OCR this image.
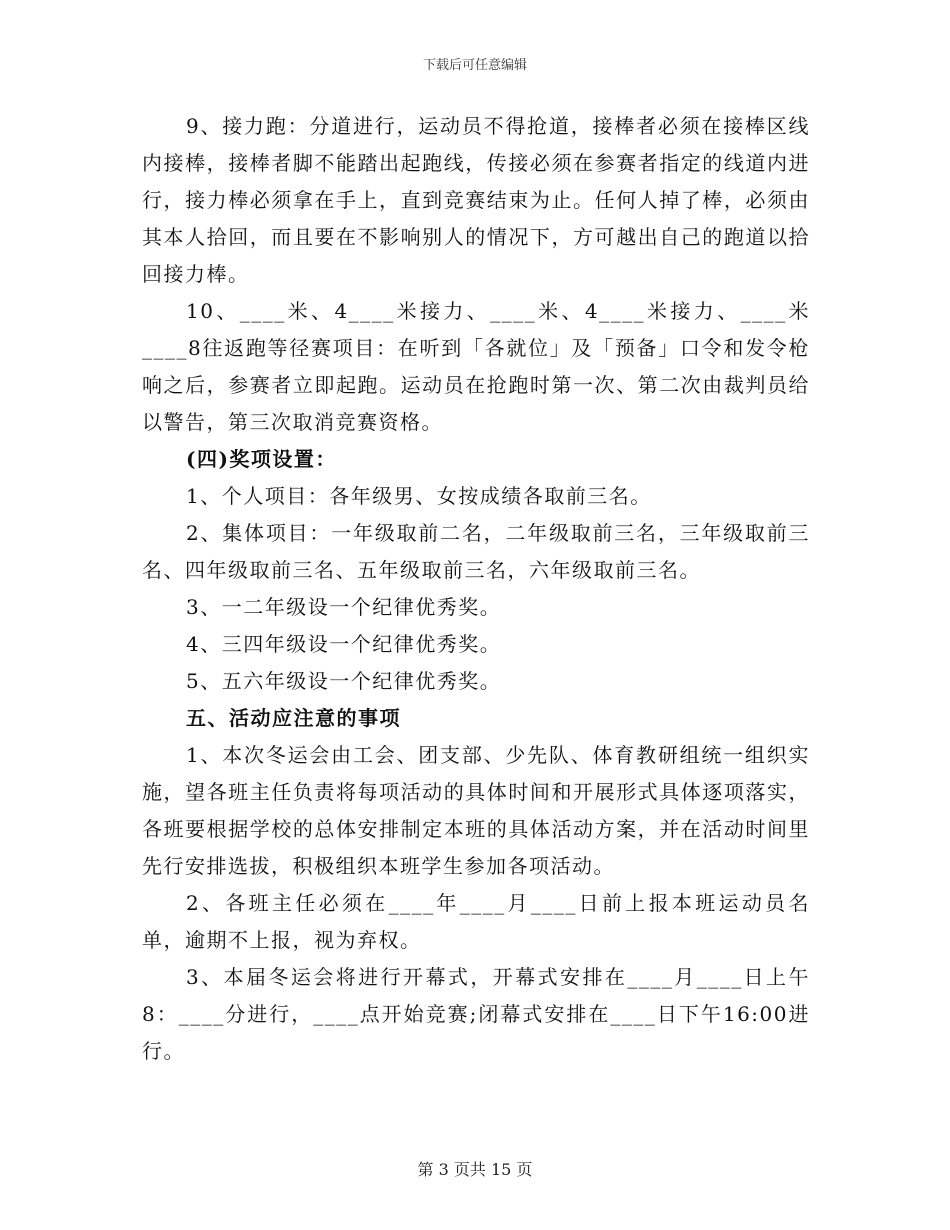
下载后可任意编辑

9、接力跑：分道进行，运动员不得抢道，接棒者必须在接棒区线内接棒，接棒者脚不能踏出起跑线，传接必须在参赛者指定的线道内进行，接力棒必须拿在手上，直到竞赛结束为止。任何人掉了棒，必须由其本人拾回，而且要在不影响别人的情况下，方可越出自己的跑道以拾回接力棒。

10、____米、4____米接力、____米、4____米接力、____米____8往返跑等径赛项目：在听到「各就位」及「预备」口令和发令枪响之后，参赛者立即起跑。运动员在抢跑时第一次、第二次由裁判员给以警告，第三次取消竞赛资格。

(四)奖项设置：

1、个人项目：各年级男、女按成绩各取前三名。

2、集体项目：一年级取前二名，二年级取前三名，三年级取前三名、四年级取前三名、五年级取前三名，六年级取前三名。

3、一二年级设一个纪律优秀奖。

4、三四年级设一个纪律优秀奖。

5、五六年级设一个纪律优秀奖。

五、活动应注意的事项

1、本次冬运会由工会、团支部、少先队、体育教研组统一组织实施，望各班主任负责将每项活动的具体时间和开展形式具体逐项落实，各班要根据学校的总体安排制定本班的具体活动方案，并在活动时间里先行安排选拔，积极组织本班学生参加各项活动。

2、各班主任必须在____年____月____日前上报本班运动员名单，逾期不上报，视为弃权。

3、本届冬运会将进行开幕式，开幕式安排在____月____日上午8：____分进行，____点开始竞赛;闭幕式安排在____日下午16:00进行。

第 3 页共 15 页
